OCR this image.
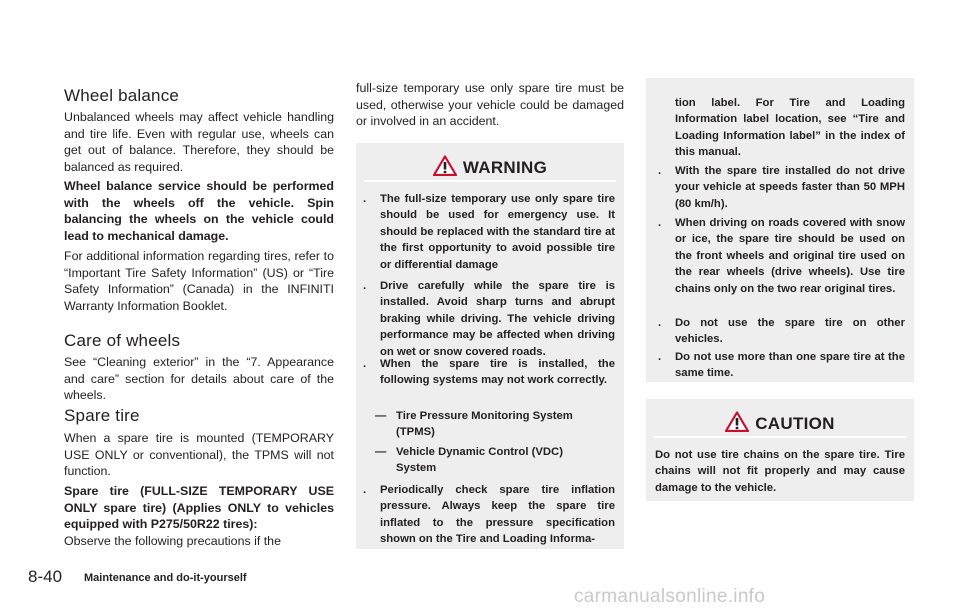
Wheel balance

Unbalanced wheels may affect vehicle handling and tire life. Even with regular use, wheels can get out of balance. Therefore, they should be balanced as required.

Wheel balance service should be performed with the wheels off the vehicle. Spin balancing the wheels on the vehicle could lead to mechanical damage.

For additional information regarding tires, refer to “Important Tire Safety Information” (US) or “Tire Safety Information” (Canada) in the INFINITI Warranty Information Booklet.

Care of wheels

See “Cleaning exterior” in the “7. Appearance and care” section for details about care of the wheels.

Spare tire

When a spare tire is mounted (TEMPORARY USE ONLY or conventional), the TPMS will not function.

Spare tire (FULL-SIZE TEMPORARY USE ONLY spare tire) (Applies ONLY to vehicles equipped with P275/50R22 tires):

Observe the following precautions if the

full-size temporary use only spare tire must be used, otherwise your vehicle could be damaged or involved in an accident.

WARNING
. The full-size temporary use only spare tire should be used for emergency use. It should be replaced with the standard tire at the first opportunity to avoid possible tire or differential damage
. Drive carefully while the spare tire is installed. Avoid sharp turns and abrupt braking while driving. The vehicle driving performance may be affected when driving on wet or snow covered roads.
. When the spare tire is installed, the following systems may not work correctly.
— Tire Pressure Monitoring System (TPMS)
— Vehicle Dynamic Control (VDC) System
. Periodically check spare tire inflation pressure. Always keep the spare tire inflated to the pressure specification shown on the Tire and Loading Informa-
tion label. For Tire and Loading Information label location, see “Tire and Loading Information label” in the index of this manual.
. With the spare tire installed do not drive your vehicle at speeds faster than 50 MPH (80 km/h).
. When driving on roads covered with snow or ice, the spare tire should be used on the front wheels and original tire used on the rear wheels (drive wheels). Use tire chains only on the two rear original tires.
. Do not use the spare tire on other vehicles.
. Do not use more than one spare tire at the same time.
CAUTION
Do not use tire chains on the spare tire. Tire chains will not fit properly and may cause damage to the vehicle.
8-40 Maintenance and do-it-yourself
carmanualsonline.info
